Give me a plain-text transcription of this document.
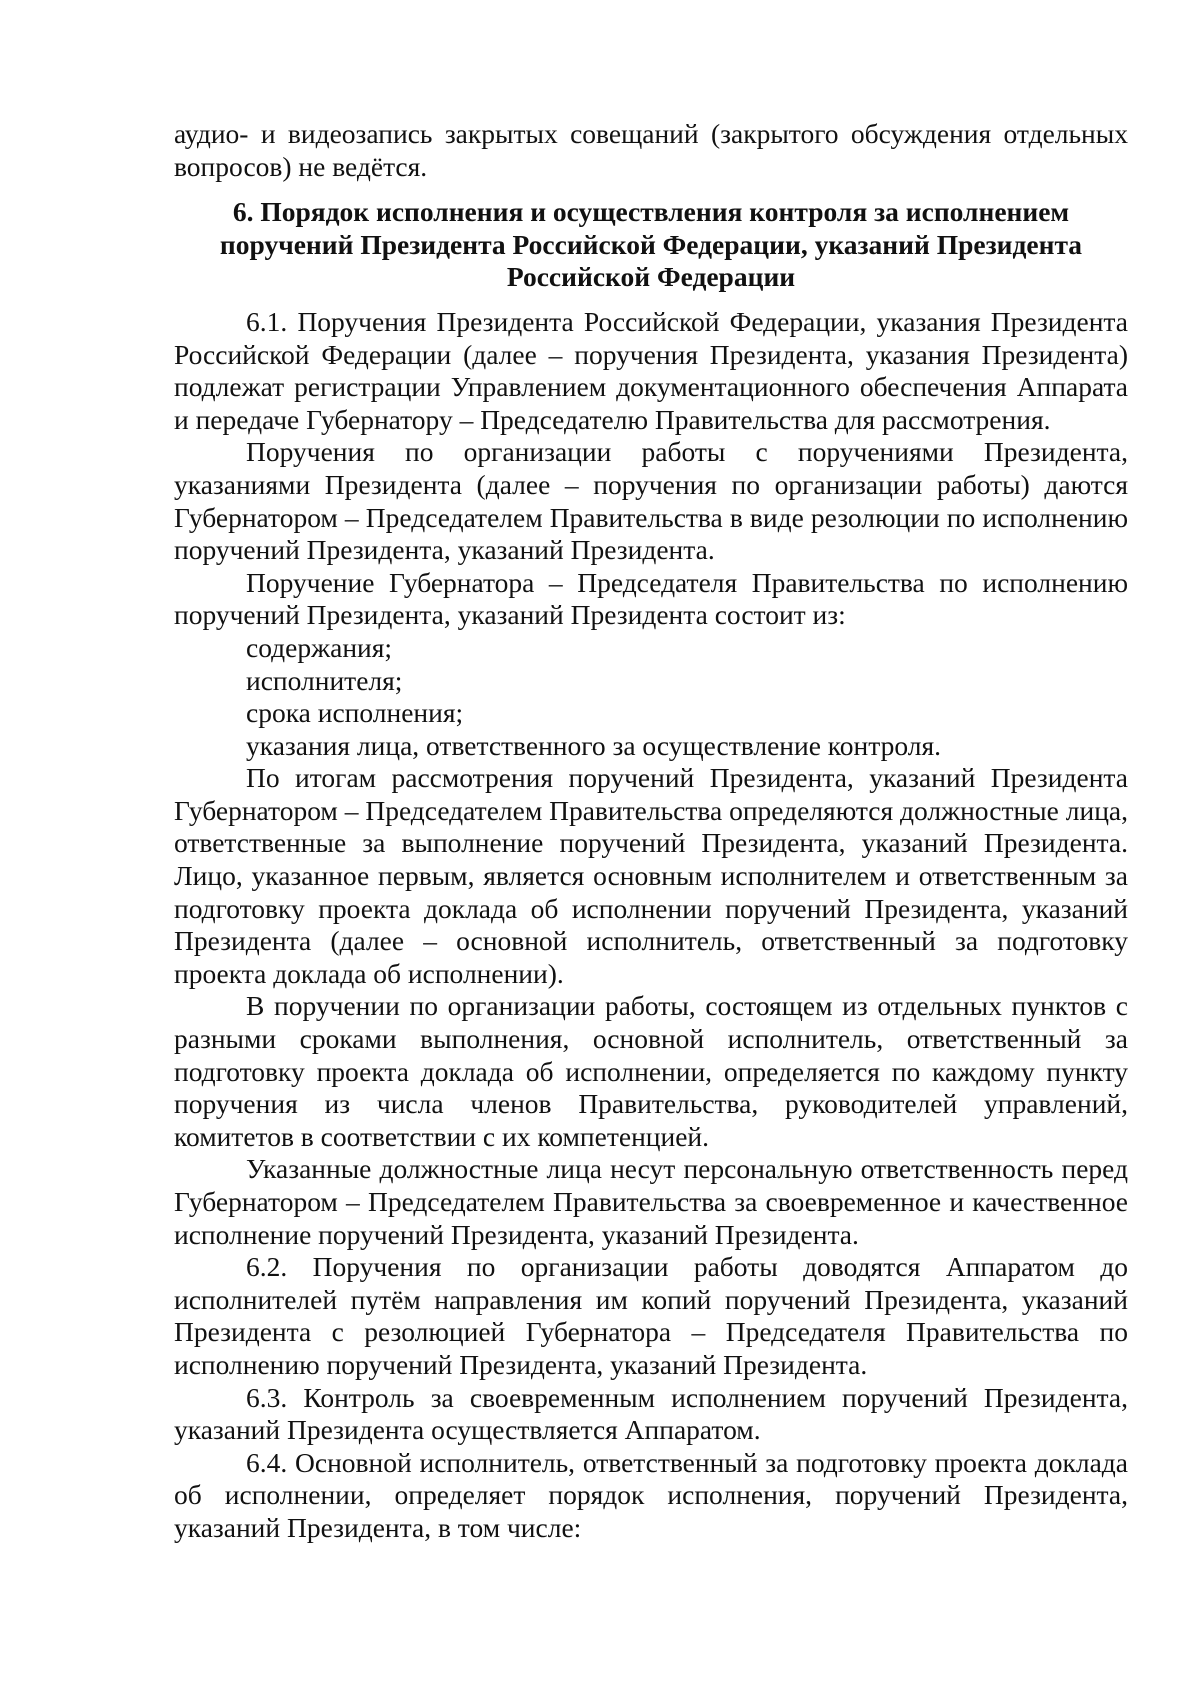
аудио- и видеозапись закрытых совещаний (закрытого обсуждения отдельных вопросов) не ведётся.

6. Порядок исполнения и осуществления контроля за исполнением поручений Президента Российской Федерации, указаний Президента Российской Федерации

6.1. Поручения Президента Российской Федерации, указания Президента Российской Федерации (далее – поручения Президента, указания Президента) подлежат регистрации Управлением документационного обеспечения Аппарата и передаче Губернатору – Председателю Правительства для рассмотрения.

Поручения по организации работы с поручениями Президента, указаниями Президента (далее – поручения по организации работы) даются Губернатором – Председателем Правительства в виде резолюции по исполнению поручений Президента, указаний Президента.

Поручение Губернатора – Председателя Правительства по исполнению поручений Президента, указаний Президента состоит из:

содержания;

исполнителя;

срока исполнения;

указания лица, ответственного за осуществление контроля.

По итогам рассмотрения поручений Президента, указаний Президента Губернатором – Председателем Правительства определяются должностные лица, ответственные за выполнение поручений Президента, указаний Президента. Лицо, указанное первым, является основным исполнителем и ответственным за подготовку проекта доклада об исполнении поручений Президента, указаний Президента (далее – основной исполнитель, ответственный за подготовку проекта доклада об исполнении).

В поручении по организации работы, состоящем из отдельных пунктов с разными сроками выполнения, основной исполнитель, ответственный за подготовку проекта доклада об исполнении, определяется по каждому пункту поручения из числа членов Правительства, руководителей управлений, комитетов в соответствии с их компетенцией.

Указанные должностные лица несут персональную ответственность перед Губернатором – Председателем Правительства за своевременное и качественное исполнение поручений Президента, указаний Президента.

6.2. Поручения по организации работы доводятся Аппаратом до исполнителей путём направления им копий поручений Президента, указаний Президента с резолюцией Губернатора – Председателя Правительства по исполнению поручений Президента, указаний Президента.

6.3. Контроль за своевременным исполнением поручений Президента, указаний Президента осуществляется Аппаратом.

6.4. Основной исполнитель, ответственный за подготовку проекта доклада об исполнении, определяет порядок исполнения, поручений Президента, указаний Президента, в том числе:
